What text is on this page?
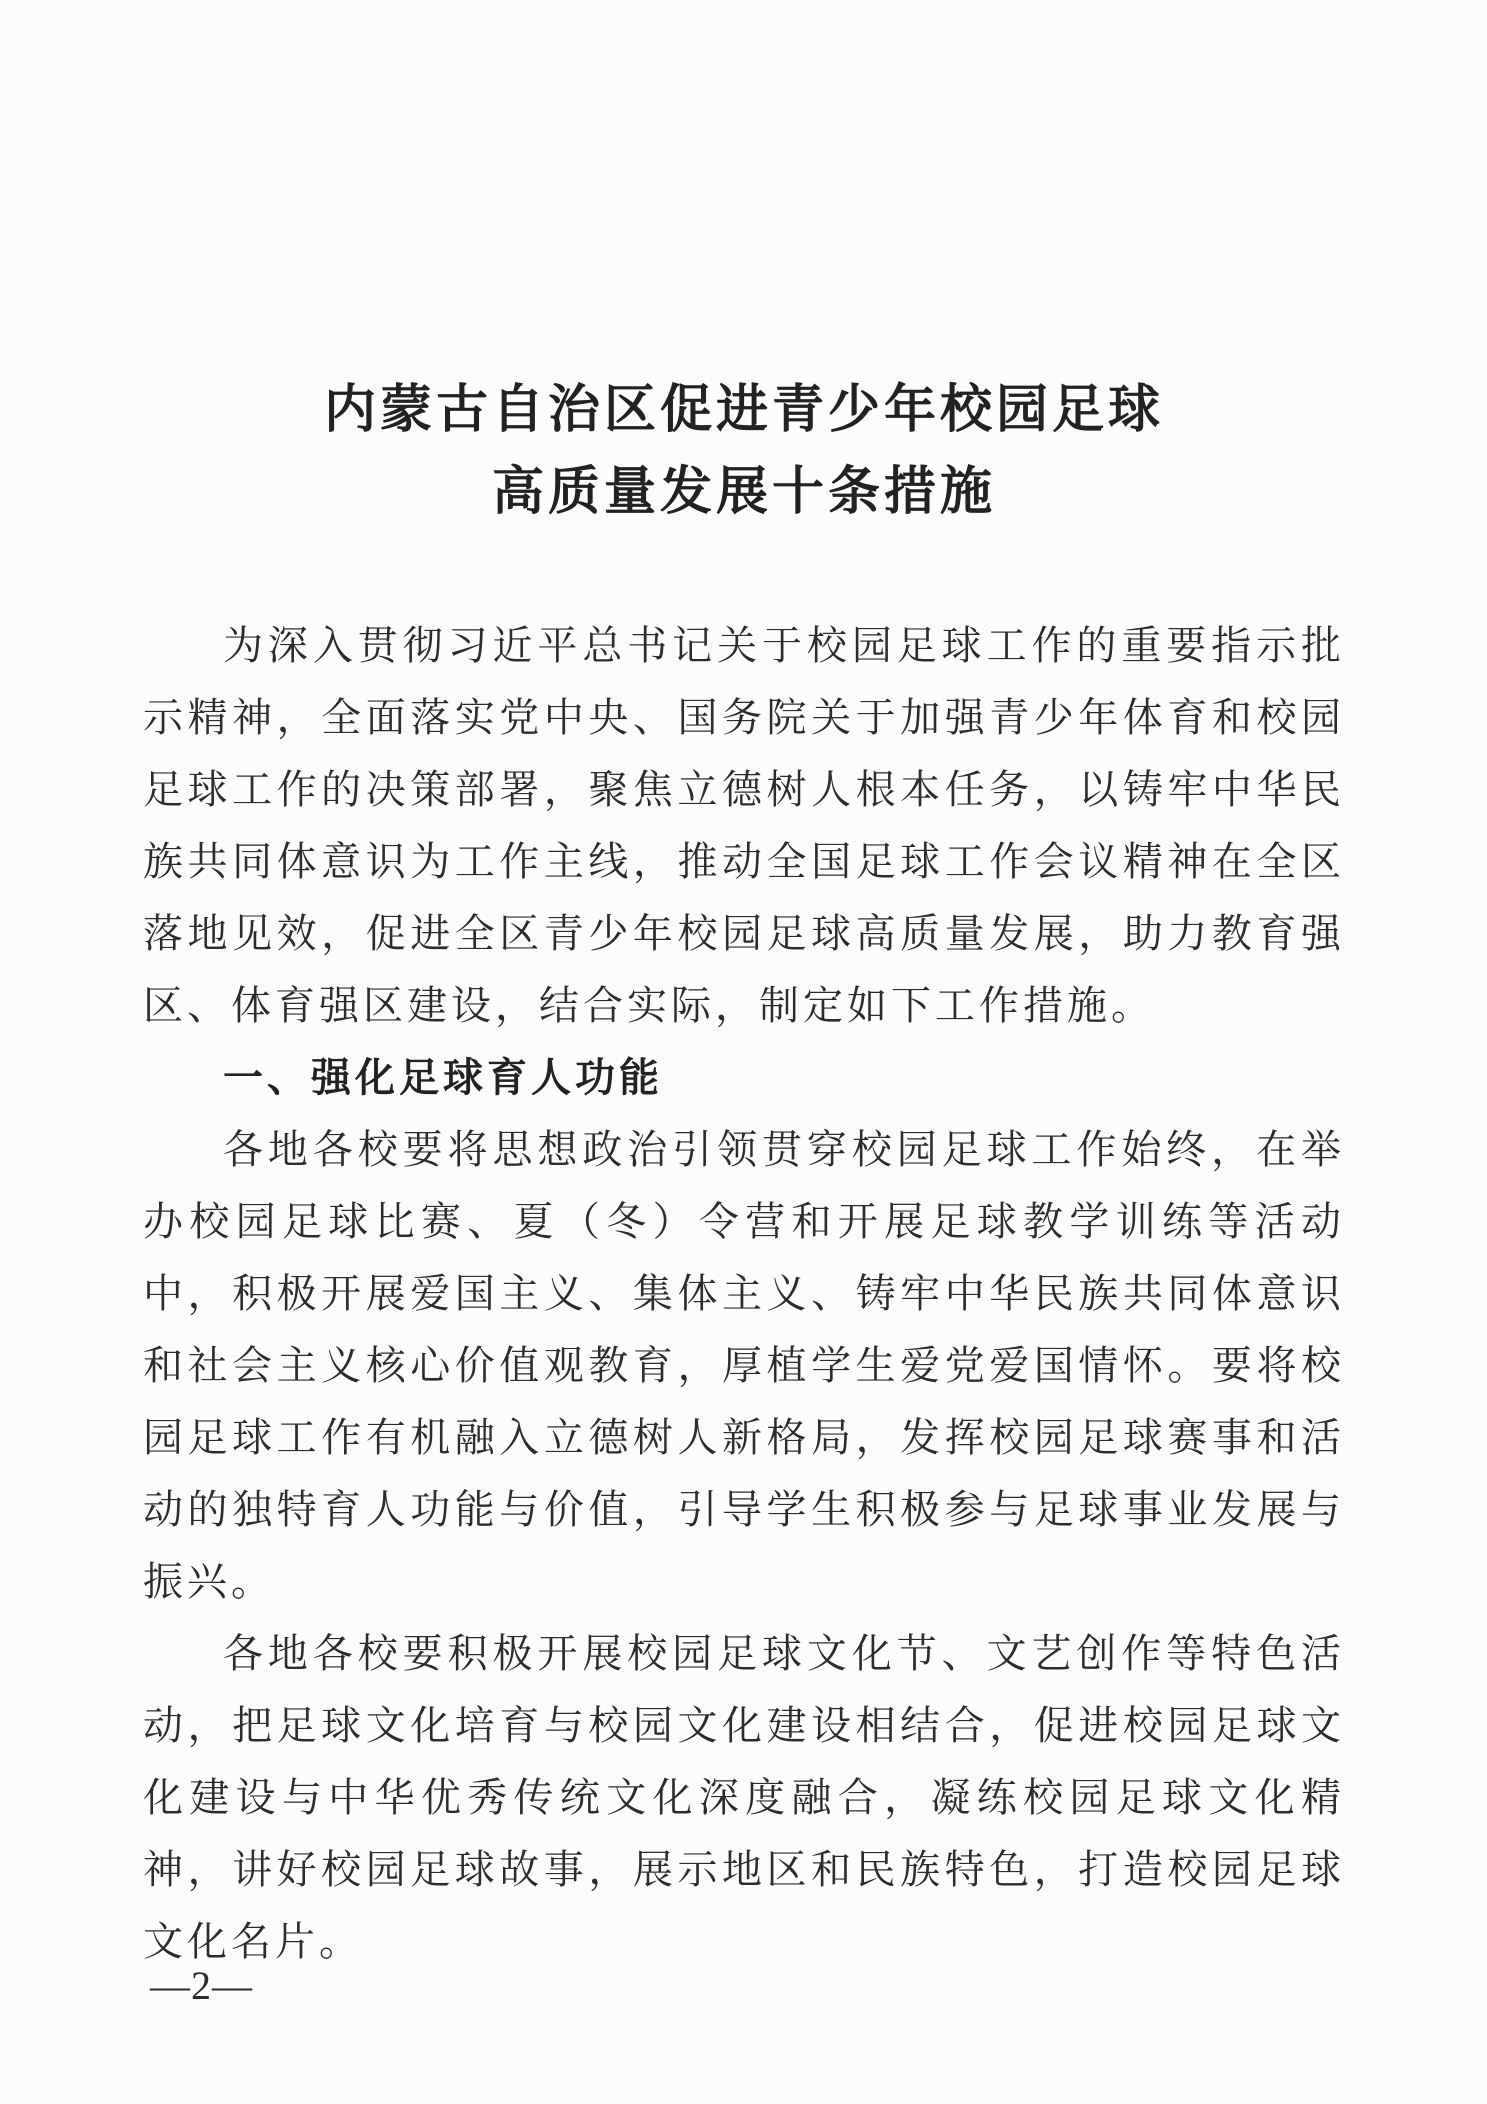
内蒙古自治区促进青少年校园足球
高质量发展十条措施

为深入贯彻习近平总书记关于校园足球工作的重要指示批示精神，全面落实党中央、国务院关于加强青少年体育和校园足球工作的决策部署，聚焦立德树人根本任务，以铸牢中华民族共同体意识为工作主线，推动全国足球工作会议精神在全区落地见效，促进全区青少年校园足球高质量发展，助力教育强区、体育强区建设，结合实际，制定如下工作措施。

一、强化足球育人功能

各地各校要将思想政治引领贯穿校园足球工作始终，在举办校园足球比赛、夏（冬）令营和开展足球教学训练等活动中，积极开展爱国主义、集体主义、铸牢中华民族共同体意识和社会主义核心价值观教育，厚植学生爱党爱国情怀。要将校园足球工作有机融入立德树人新格局，发挥校园足球赛事和活动的独特育人功能与价值，引导学生积极参与足球事业发展与振兴。

各地各校要积极开展校园足球文化节、文艺创作等特色活动，把足球文化培育与校园文化建设相结合，促进校园足球文化建设与中华优秀传统文化深度融合，凝练校园足球文化精神，讲好校园足球故事，展示地区和民族特色，打造校园足球文化名片。

—2—
